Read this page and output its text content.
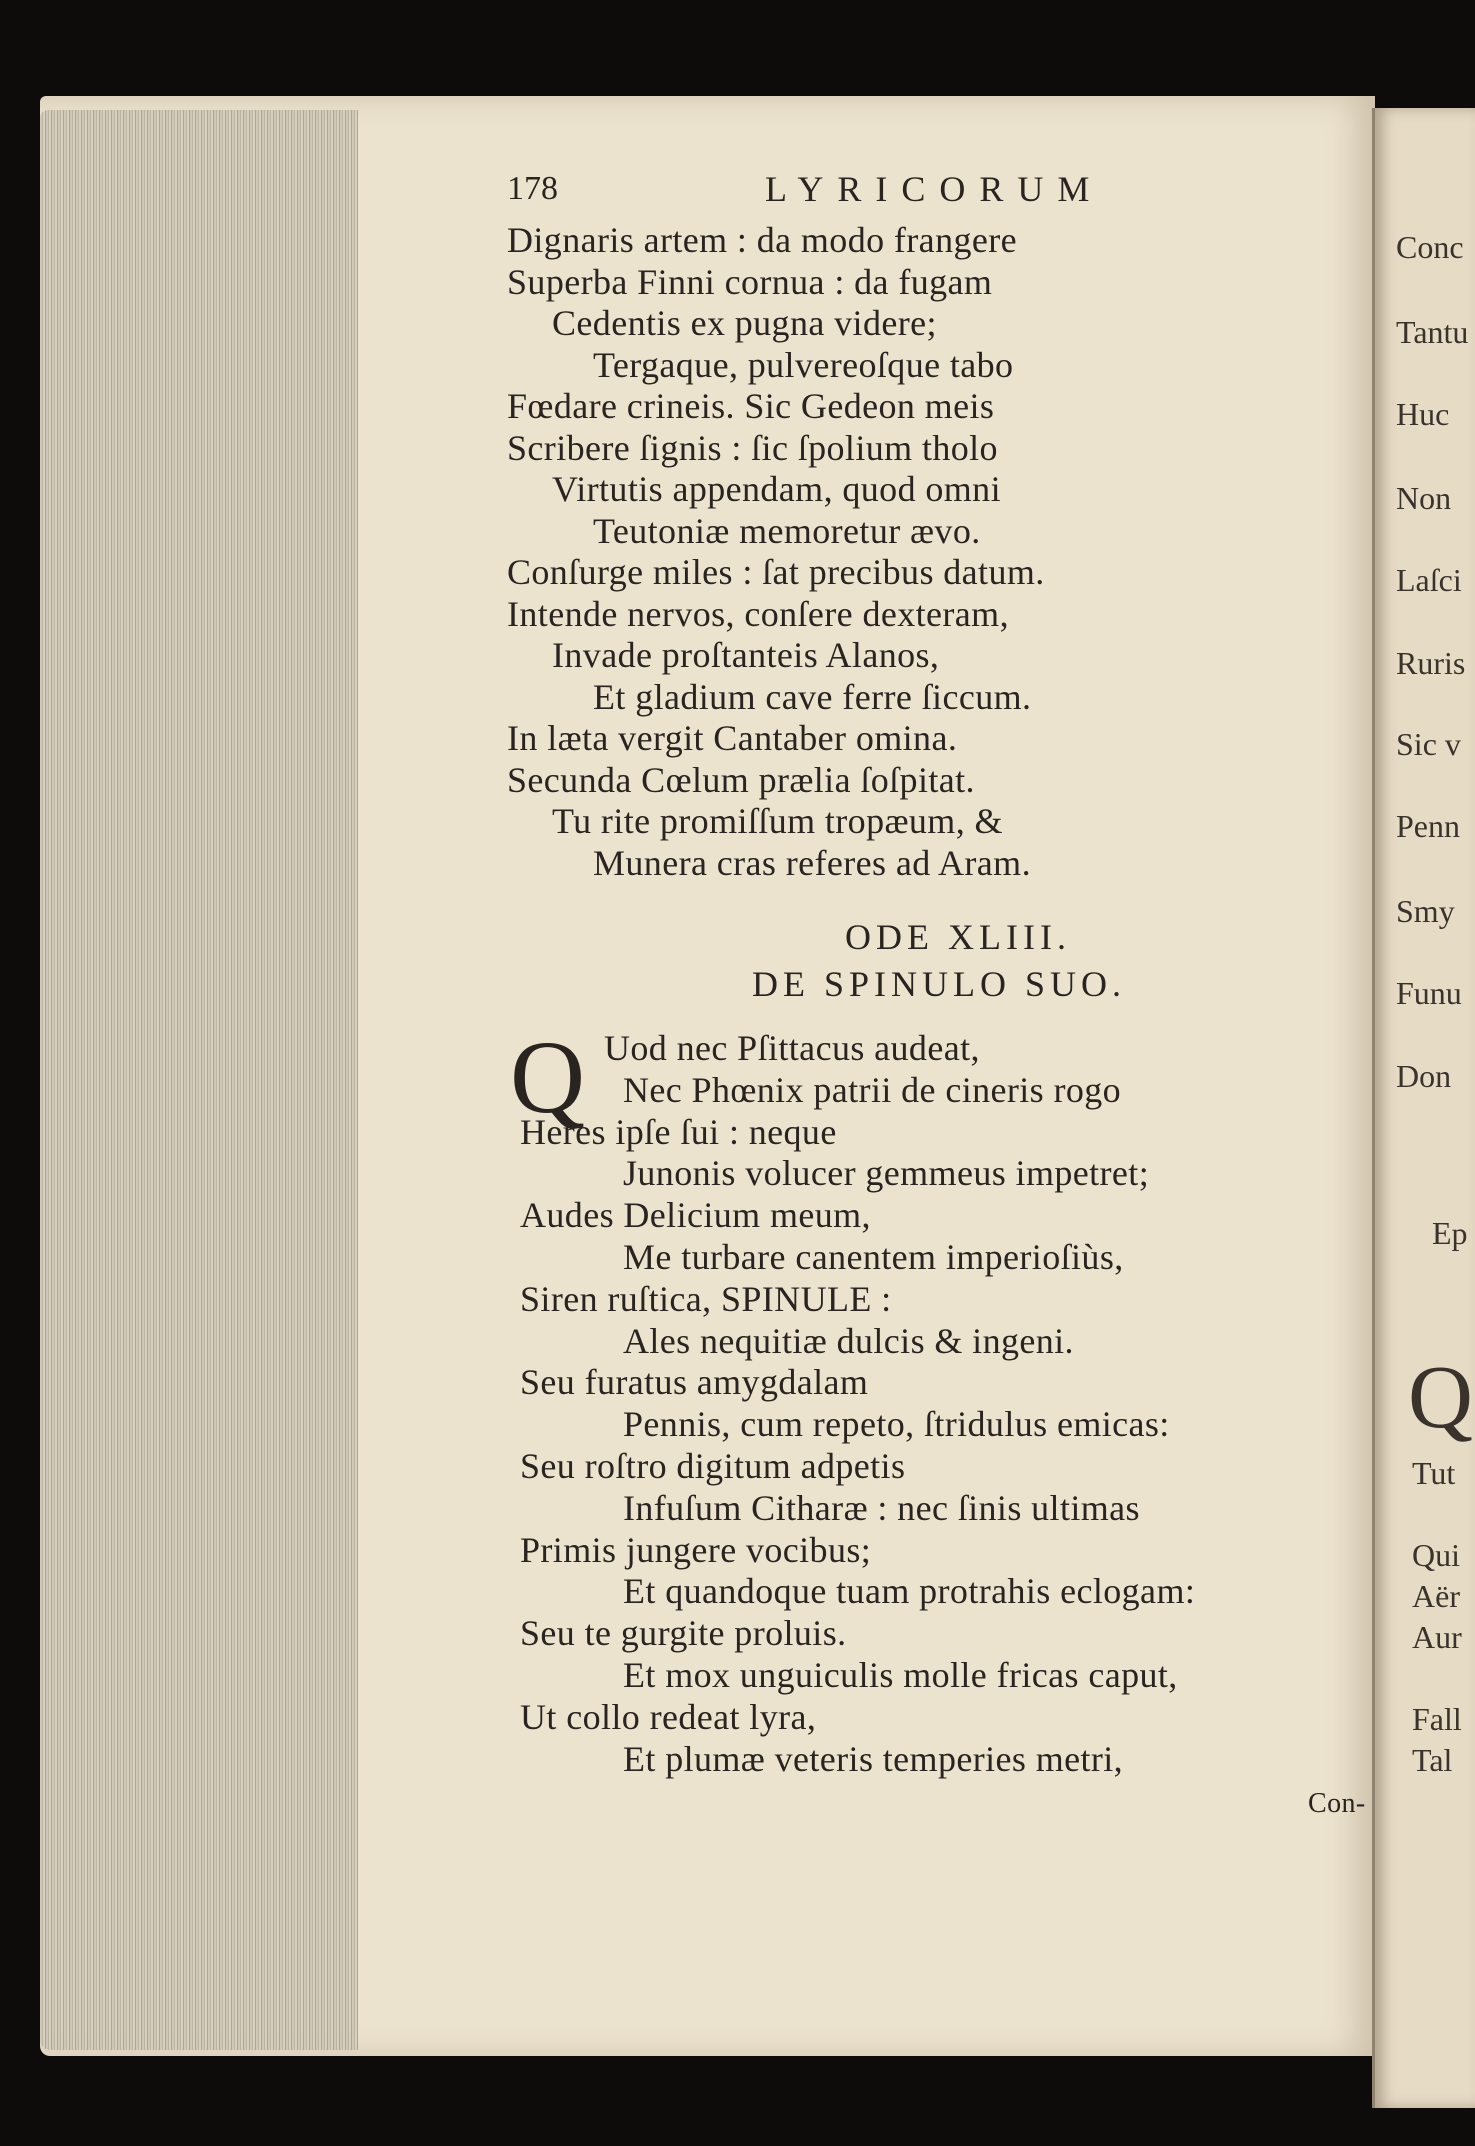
178	LYRICORUM
Dignaris artem : da modo frangere
Superba Finni cornua : da fugam
Cedentis ex pugna videre;
Tergaque, pulvereoſque tabo
Fœdare crineis. Sic Gedeon meis
Scribere ſignis : ſic ſpolium tholo
Virtutis appendam, quod omni
Teutoniæ memoretur ævo.
Conſurge miles : ſat precibus datum.
Intende nervos, conſere dexteram,
Invade proſtanteis Alanos,
Et gladium cave ferre ſiccum.
In læta vergit Cantaber omina.
Secunda Cœlum prælia ſoſpitat.
Tu rite promiſſum tropæum, &
Munera cras referes ad Aram.
ODE XLIII.
DE SPINULO SUO.
Q Uod nec Pſittacus audeat,
Nec Phœnix patrii de cineris rogo
Heres ipſe ſui : neque
Junonis volucer gemmeus impetret;
Audes Delicium meum,
Me turbare canentem imperioſiùs,
Siren ruſtica, SPINULE :
Ales nequitiæ dulcis & ingeni.
Seu furatus amygdalam
Pennis, cum repeto, ſtridulus emicas:
Seu roſtro digitum adpetis
Infuſum Citharæ : nec ſinis ultimas
Primis jungere vocibus;
Et quandoque tuam protrahis eclogam:
Seu te gurgite proluis.
Et mox unguiculis molle fricas caput,
Ut collo redeat lyra,
Et plumæ veteris temperies metri,
Con-
Conc
Tantu
Huc
Non
Laſci
Ruris
Sic v
Penn
Smy
Funu
Don
Ep
Q
Tut
Qui
Aër
Aur
Fall
Tal
